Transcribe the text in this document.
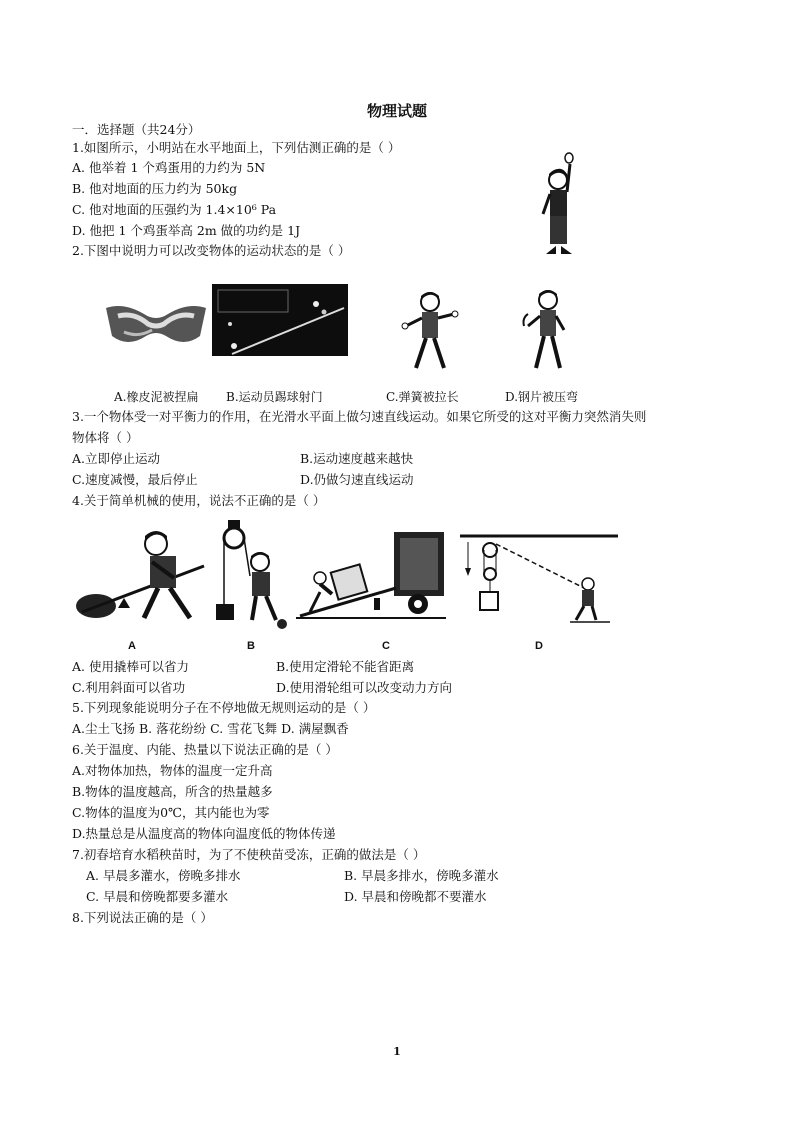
物理试题
一．选择题（共24分）
1.如图所示，小明站在水平地面上，下列估测正确的是（ ）
A. 他举着 1 个鸡蛋用的力约为 5N
B. 他对地面的压力约为 50kg
C. 他对地面的压强约为 1.4×10⁶ Pa
D. 他把 1 个鸡蛋举高 2m 做的功约是 1J
2.下图中说明力可以改变物体的运动状态的是（ ）
A.橡皮泥被捏扁 B.运动员踢球射门	C.弹簧被拉长	D.钢片被压弯
3.一个物体受一对平衡力的作用，在光滑水平面上做匀速直线运动。如果它所受的这对平衡力突然消失则
物体将（ ）
A.立即停止运动	B.运动速度越来越快
C.速度减慢，最后停止	D.仍做匀速直线运动
4.关于简单机械的使用，说法不正确的是（ ）
A	B	C	D
A. 使用撬棒可以省力	B.使用定滑轮不能省距离
C.利用斜面可以省功	D.使用滑轮组可以改变动力方向
5.下列现象能说明分子在不停地做无规则运动的是（ ）
A.尘土飞扬 B. 落花纷纷 C. 雪花飞舞 D. 满屋飘香
6.关于温度、内能、热量以下说法正确的是（ ）
A.对物体加热，物体的温度一定升高
B.物体的温度越高，所含的热量越多
C.物体的温度为0℃，其内能也为零
D.热量总是从温度高的物体向温度低的物体传递
7.初春培育水稻秧苗时，为了不使秧苗受冻，正确的做法是（ ）
A. 早晨多灌水，傍晚多排水	B. 早晨多排水，傍晚多灌水
C. 早晨和傍晚都要多灌水	D. 早晨和傍晚都不要灌水
8.下列说法正确的是（ ）
1
